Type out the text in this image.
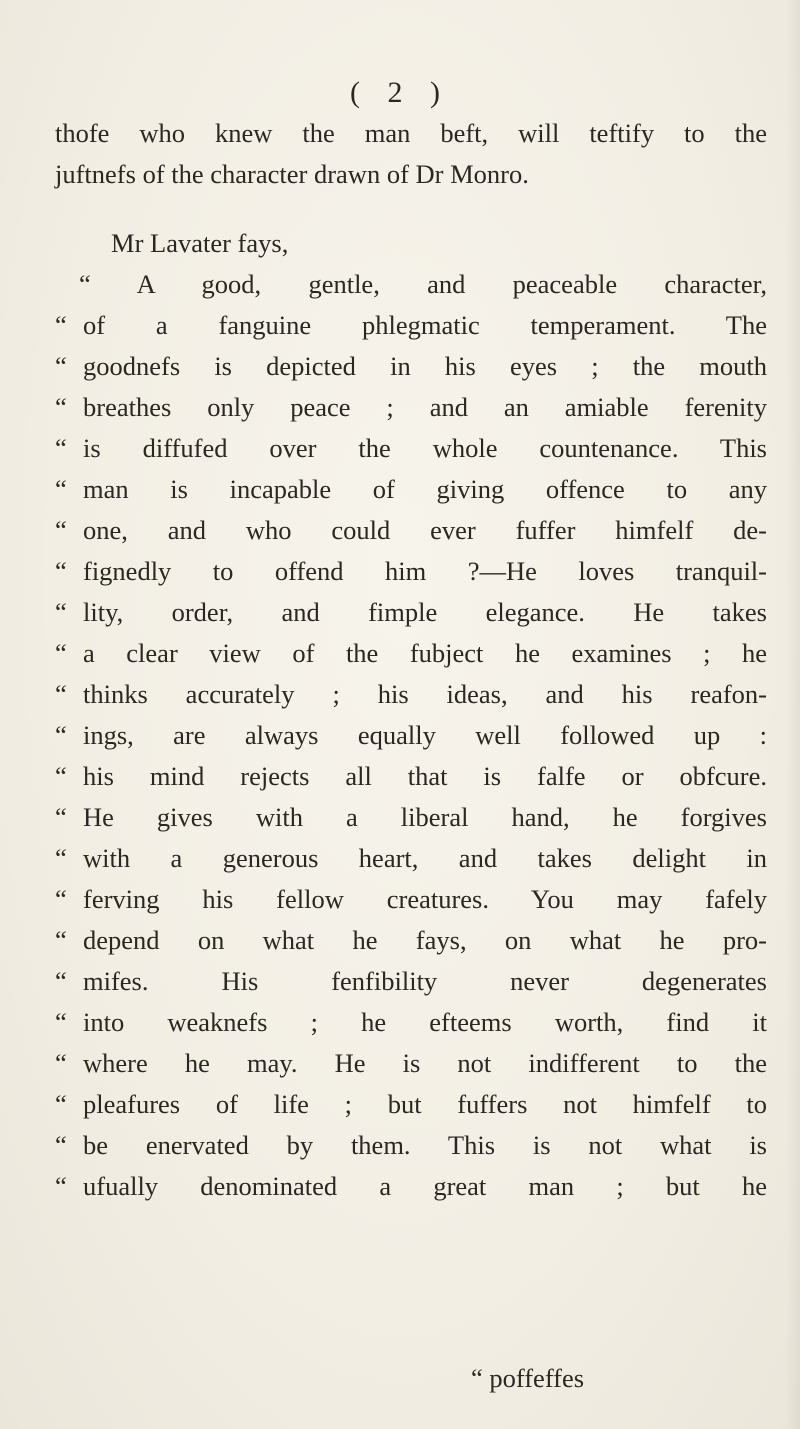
( 2 )
thofe who knew the man beft, will teftify to the
juftnefs of the character drawn of Dr Monro.
Mr Lavater fays,
“ A good, gentle, and peaceable character,
“ of a fanguine phlegmatic temperament. The
“ goodnefs is depicted in his eyes ; the mouth
“ breathes only peace ; and an amiable ferenity
“ is diffufed over the whole countenance. This
“ man is incapable of giving offence to any
“ one, and who could ever fuffer himfelf de-
“ fignedly to offend him ?—He loves tranquil-
“ lity, order, and fimple elegance. He takes
“ a clear view of the fubject he examines ; he
“ thinks accurately ; his ideas, and his reafon-
“ ings, are always equally well followed up :
“ his mind rejects all that is falfe or obfcure.
“ He gives with a liberal hand, he forgives
“ with a generous heart, and takes delight in
“ ferving his fellow creatures. You may fafely
“ depend on what he fays, on what he pro-
“ mifes. His fenfibility never degenerates
“ into weaknefs ; he efteems worth, find it
“ where he may. He is not indifferent to the
“ pleafures of life ; but fuffers not himfelf to
“ be enervated by them. This is not what is
“ ufually denominated a great man ; but he
“ poffeffes
